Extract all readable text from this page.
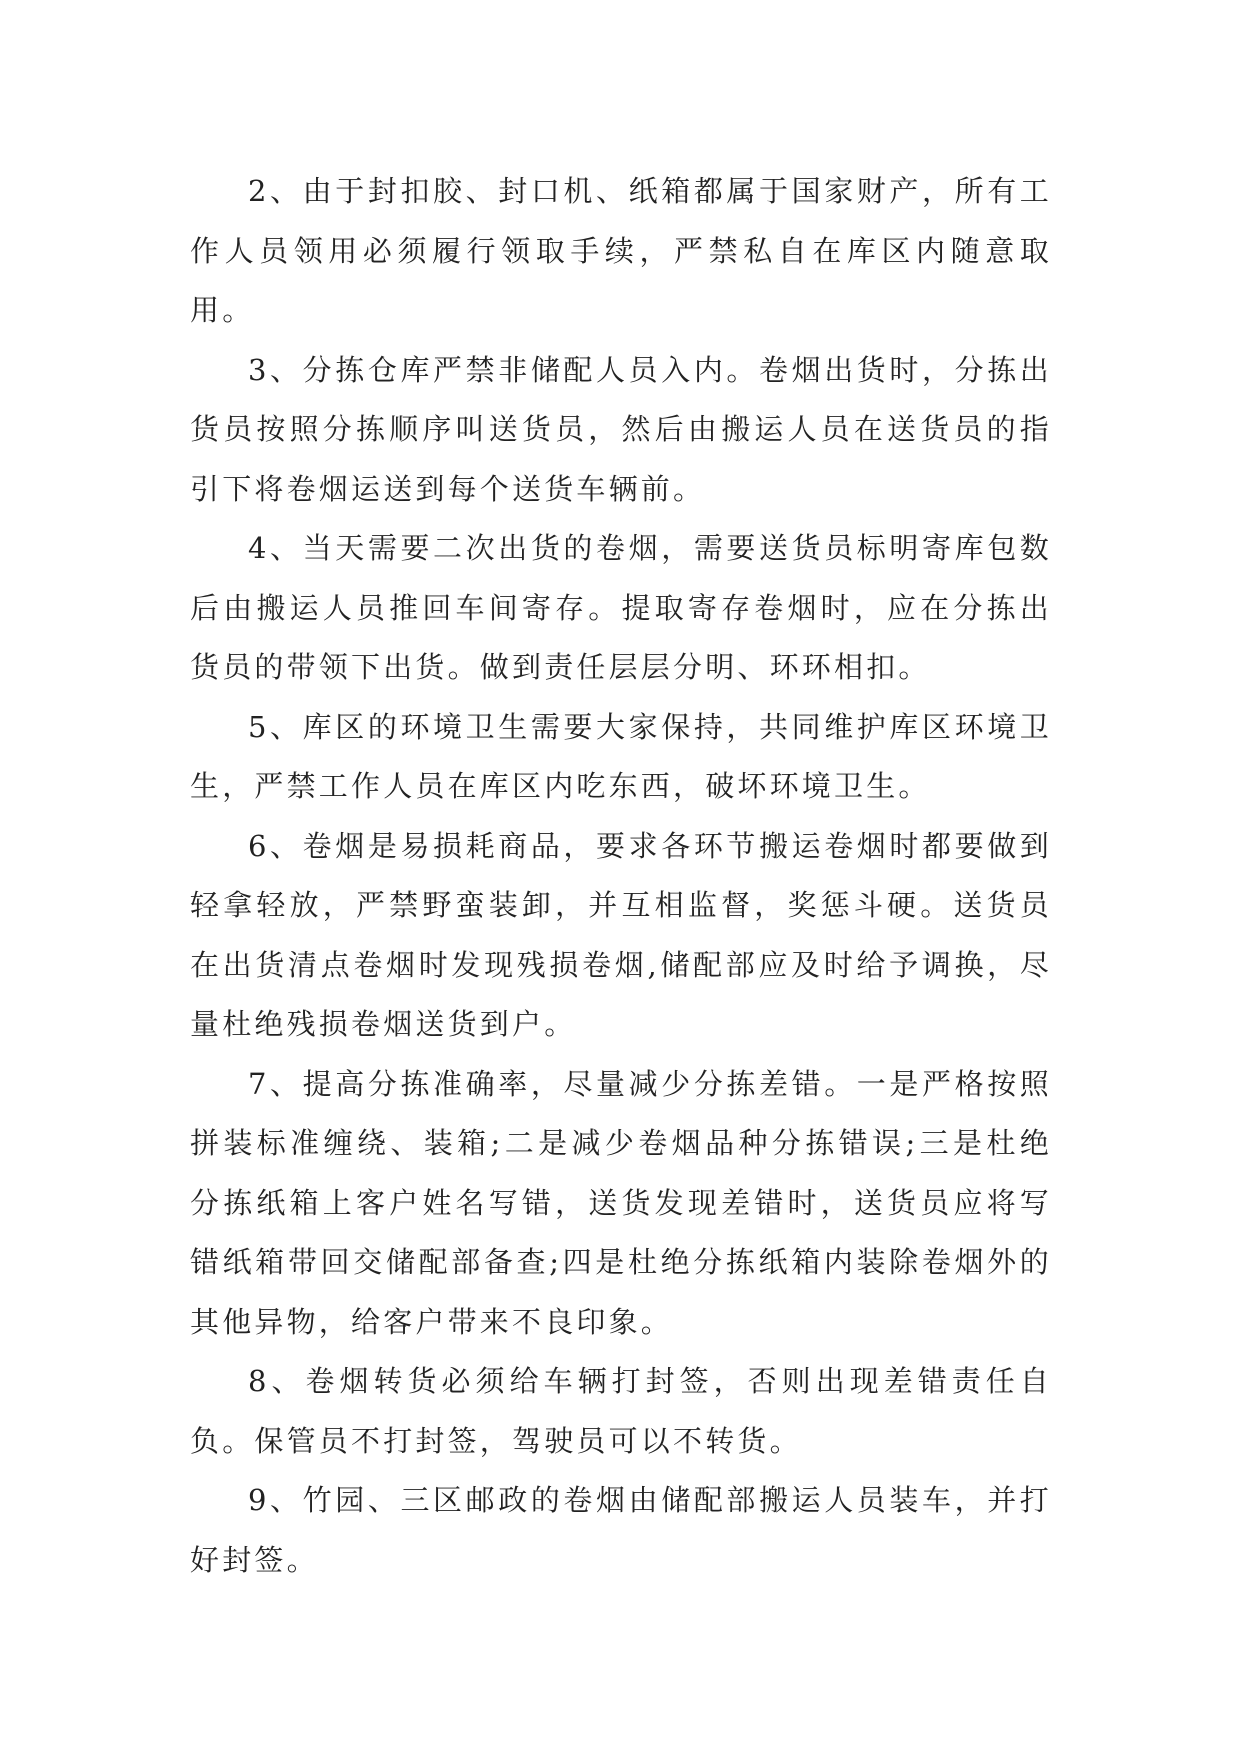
2、由于封扣胶、封口机、纸箱都属于国家财产，所有工作人员领用必须履行领取手续，严禁私自在库区内随意取用。

3、分拣仓库严禁非储配人员入内。卷烟出货时，分拣出货员按照分拣顺序叫送货员，然后由搬运人员在送货员的指引下将卷烟运送到每个送货车辆前。

4、当天需要二次出货的卷烟，需要送货员标明寄库包数后由搬运人员推回车间寄存。提取寄存卷烟时，应在分拣出货员的带领下出货。做到责任层层分明、环环相扣。

5、库区的环境卫生需要大家保持，共同维护库区环境卫生，严禁工作人员在库区内吃东西，破坏环境卫生。

6、卷烟是易损耗商品，要求各环节搬运卷烟时都要做到轻拿轻放，严禁野蛮装卸，并互相监督，奖惩斗硬。送货员在出货清点卷烟时发现残损卷烟,储配部应及时给予调换，尽量杜绝残损卷烟送货到户。

7、提高分拣准确率，尽量减少分拣差错。一是严格按照拼装标准缠绕、装箱;二是减少卷烟品种分拣错误;三是杜绝分拣纸箱上客户姓名写错，送货发现差错时，送货员应将写错纸箱带回交储配部备查;四是杜绝分拣纸箱内装除卷烟外的其他异物，给客户带来不良印象。

8、卷烟转货必须给车辆打封签，否则出现差错责任自负。保管员不打封签，驾驶员可以不转货。

9、竹园、三区邮政的卷烟由储配部搬运人员装车，并打好封签。
